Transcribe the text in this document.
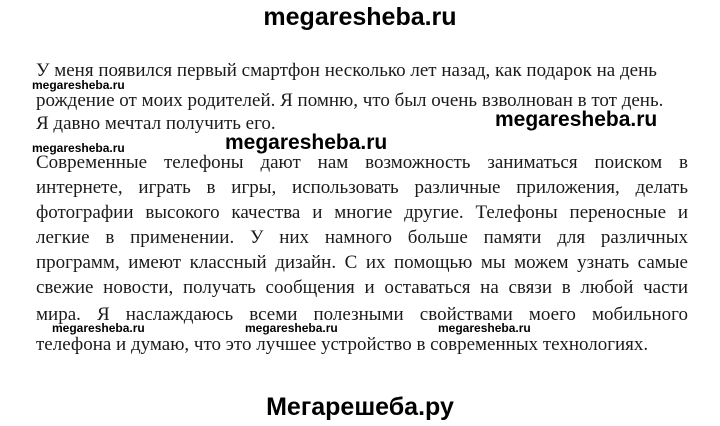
megaresheba.ru
У меня появился первый смартфон несколько лет назад, как подарок на день
megaresheba.ru
рождение от моих родителей. Я помню, что был очень взволнован в тот день.
Я давно мечтал получить его.	megaresheba.ru
megaresheba.ru	megaresheba.ru
Современные телефоны дают нам возможность заниматься поиском в
интернете, играть в игры, использовать различные приложения, делать
фотографии высокого качества и многие другие. Телефоны переносные и
легкие в применении. У них намного больше памяти для различных
программ, имеют классный дизайн. С их помощью мы можем узнать самые
свежие новости, получать сообщения и оставаться на связи в любой части
мира. Я наслаждаюсь всеми полезными свойствами моего мобильного
megaresheba.ru	megaresheba.ru	megaresheba.ru
телефона и думаю, что это лучшее устройство в современных технологиях.
Мегарешеба.ру
